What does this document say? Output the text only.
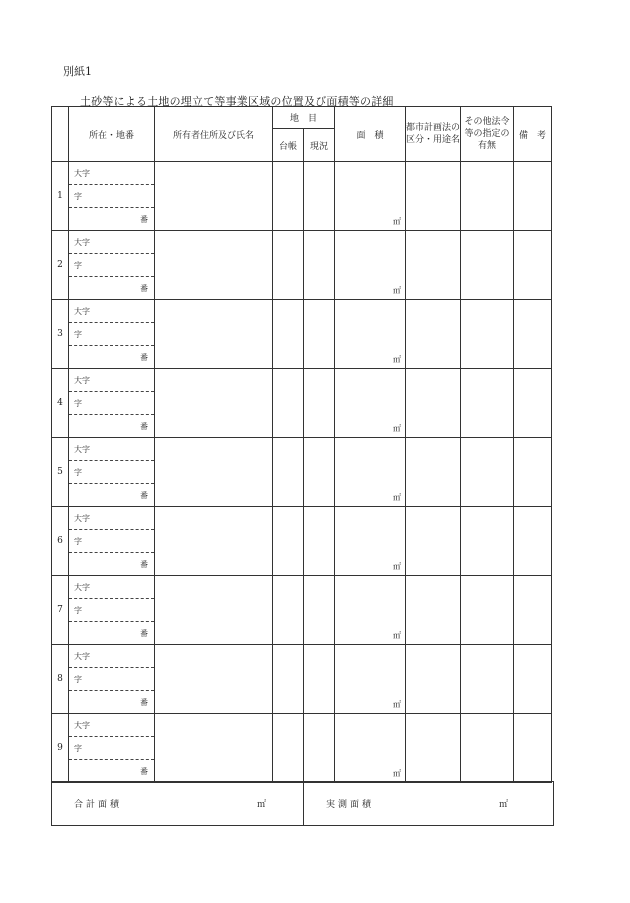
別紙1
土砂等による土地の埋立て等事業区域の位置及び面積等の詳細
	所在・地番	所有者住所及び氏名	地　目		面　積	都市計画法の区分・用途名	その他法令等の指定の有無	備　考
			台帳	現況				
1	大字
字
番				㎡			

2	大字
字
番				㎡			

3	大字
字
番				㎡			

4	大字
字
番				㎡			

5	大字
字
番				㎡			

6	大字
字
番				㎡			

7	大字
字
番				㎡			

8	大字
字
番				㎡			

9	大字
字
番				㎡			

合計面積	㎡	実測面積	㎡
